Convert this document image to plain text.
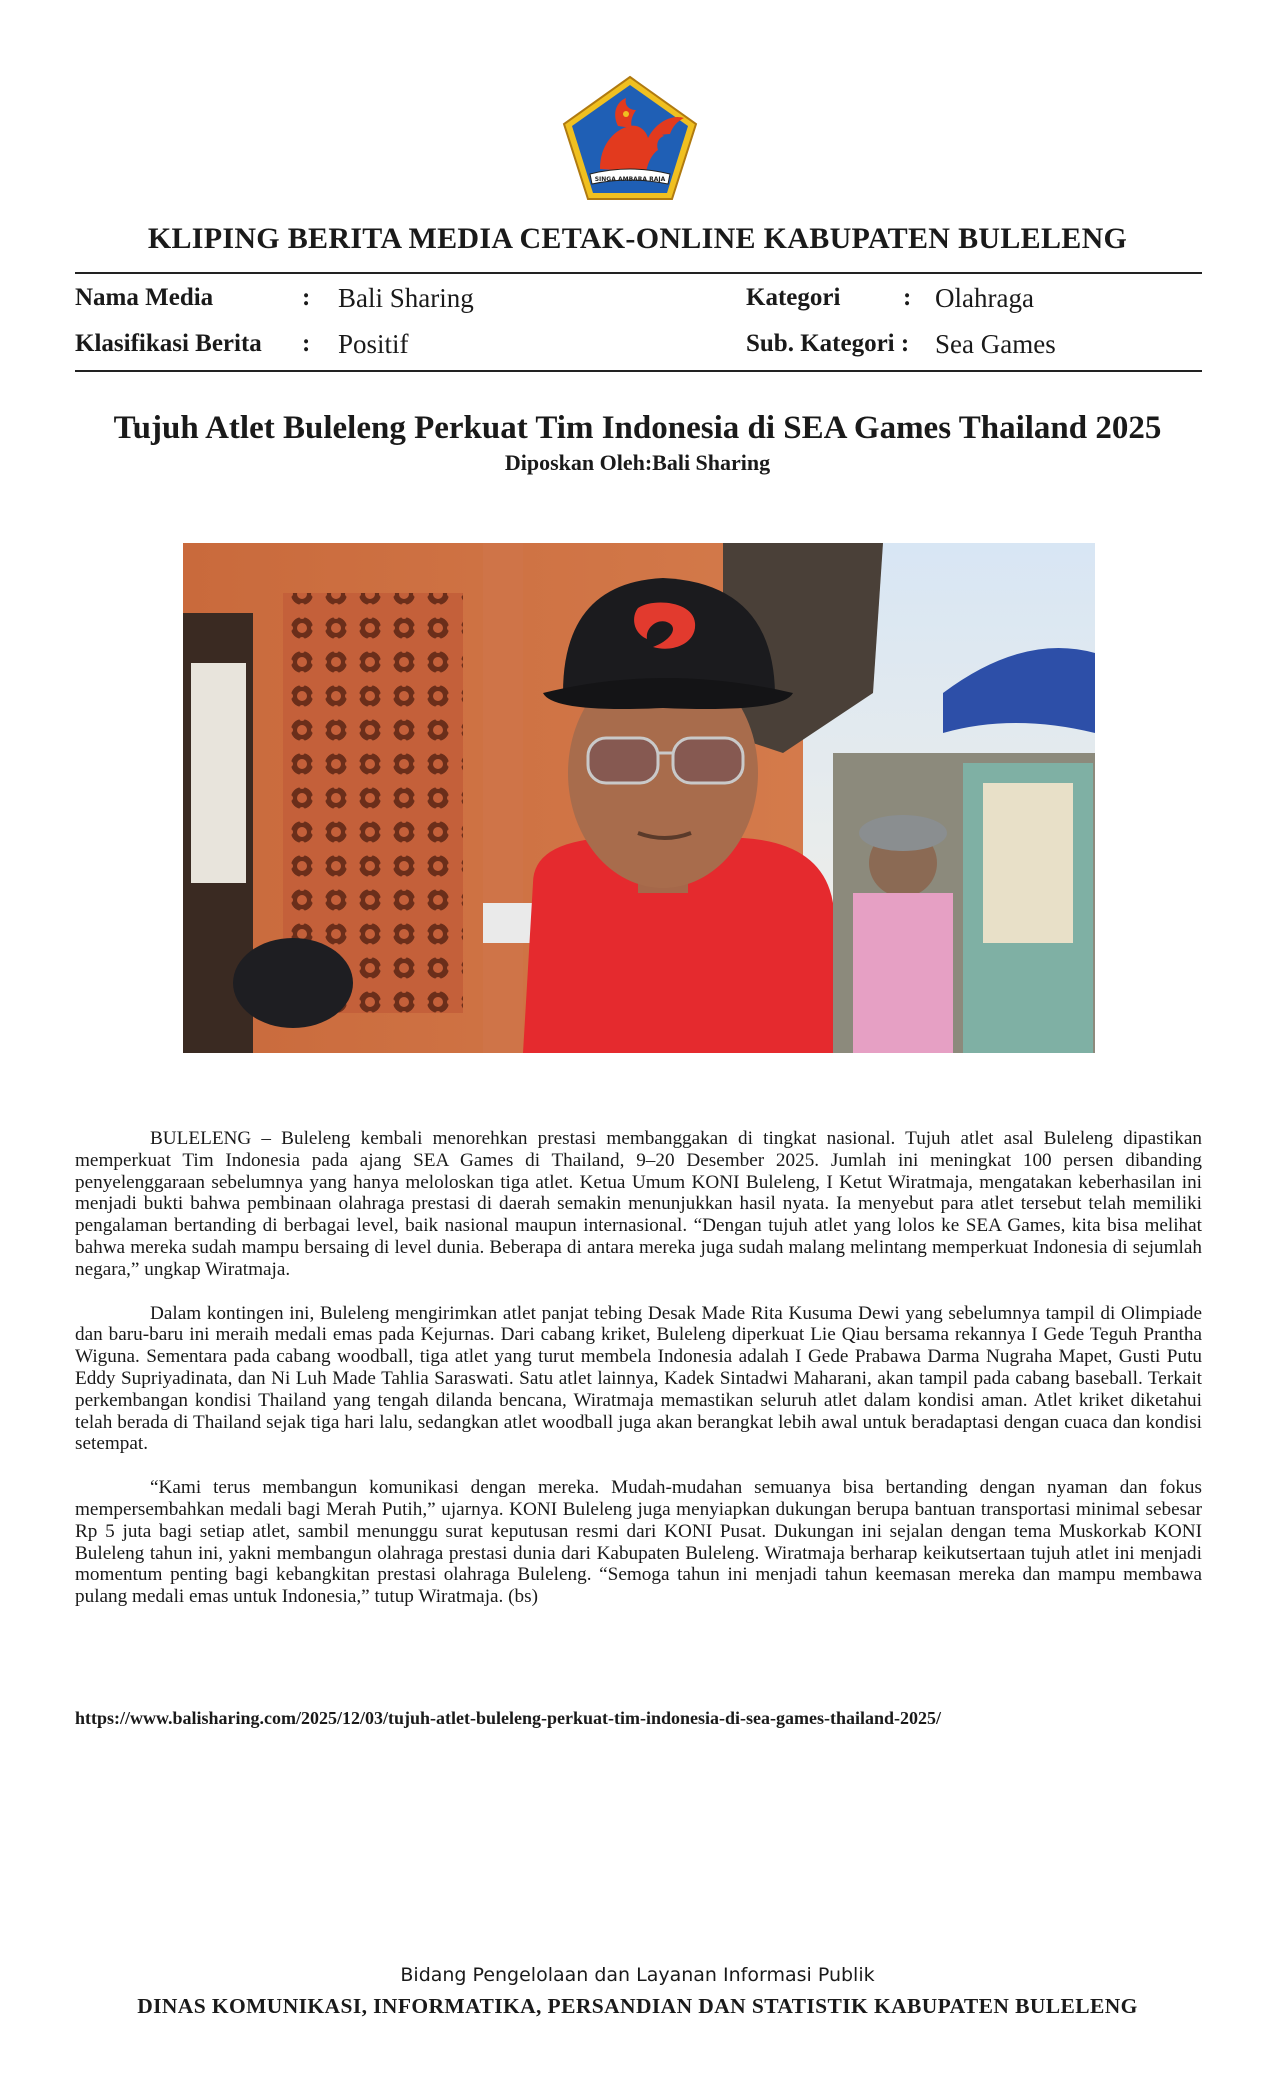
SINGA AMBARA RAJA
KLIPING BERITA MEDIA CETAK-ONLINE KABUPATEN BULELENG
Nama Media	: Bali Sharing
Klasifikasi Berita : Positif
Kategori	: Olahraga
Sub. Kategori : Sea Games
Tujuh Atlet Buleleng Perkuat Tim Indonesia di SEA Games Thailand 2025
Diposkan Oleh:Bali Sharing

BULELENG – Buleleng kembali menorehkan prestasi membanggakan di tingkat nasional. Tujuh atlet asal Buleleng dipastikan memperkuat Tim Indonesia pada ajang SEA Games di Thailand, 9–20 Desember 2025. Jumlah ini meningkat 100 persen dibanding penyelenggaraan sebelumnya yang hanya meloloskan tiga atlet. Ketua Umum KONI Buleleng, I Ketut Wiratmaja, mengatakan keberhasilan ini menjadi bukti bahwa pembinaan olahraga prestasi di daerah semakin menunjukkan hasil nyata. Ia menyebut para atlet tersebut telah memiliki pengalaman bertanding di berbagai level, baik nasional maupun internasional. “Dengan tujuh atlet yang lolos ke SEA Games, kita bisa melihat bahwa mereka sudah mampu bersaing di level dunia. Beberapa di antara mereka juga sudah malang melintang memperkuat Indonesia di sejumlah negara,” ungkap Wiratmaja.

Dalam kontingen ini, Buleleng mengirimkan atlet panjat tebing Desak Made Rita Kusuma Dewi yang sebelumnya tampil di Olimpiade dan baru-baru ini meraih medali emas pada Kejurnas. Dari cabang kriket, Buleleng diperkuat Lie Qiau bersama rekannya I Gede Teguh Prantha Wiguna. Sementara pada cabang woodball, tiga atlet yang turut membela Indonesia adalah I Gede Prabawa Darma Nugraha Mapet, Gusti Putu Eddy Supriyadinata, dan Ni Luh Made Tahlia Saraswati. Satu atlet lainnya, Kadek Sintadwi Maharani, akan tampil pada cabang baseball. Terkait perkembangan kondisi Thailand yang tengah dilanda bencana, Wiratmaja memastikan seluruh atlet dalam kondisi aman. Atlet kriket diketahui telah berada di Thailand sejak tiga hari lalu, sedangkan atlet woodball juga akan berangkat lebih awal untuk beradaptasi dengan cuaca dan kondisi setempat.

“Kami terus membangun komunikasi dengan mereka. Mudah-mudahan semuanya bisa bertanding dengan nyaman dan fokus mempersembahkan medali bagi Merah Putih,” ujarnya. KONI Buleleng juga menyiapkan dukungan berupa bantuan transportasi minimal sebesar Rp 5 juta bagi setiap atlet, sambil menunggu surat keputusan resmi dari KONI Pusat. Dukungan ini sejalan dengan tema Muskorkab KONI Buleleng tahun ini, yakni membangun olahraga prestasi dunia dari Kabupaten Buleleng. Wiratmaja berharap keikutsertaan tujuh atlet ini menjadi momentum penting bagi kebangkitan prestasi olahraga Buleleng. “Semoga tahun ini menjadi tahun keemasan mereka dan mampu membawa pulang medali emas untuk Indonesia,” tutup Wiratmaja. (bs)

https://www.balisharing.com/2025/12/03/tujuh-atlet-buleleng-perkuat-tim-indonesia-di-sea-games-thailand-2025/
Bidang Pengelolaan dan Layanan Informasi Publik
DINAS KOMUNIKASI, INFORMATIKA, PERSANDIAN DAN STATISTIK KABUPATEN BULELENG
